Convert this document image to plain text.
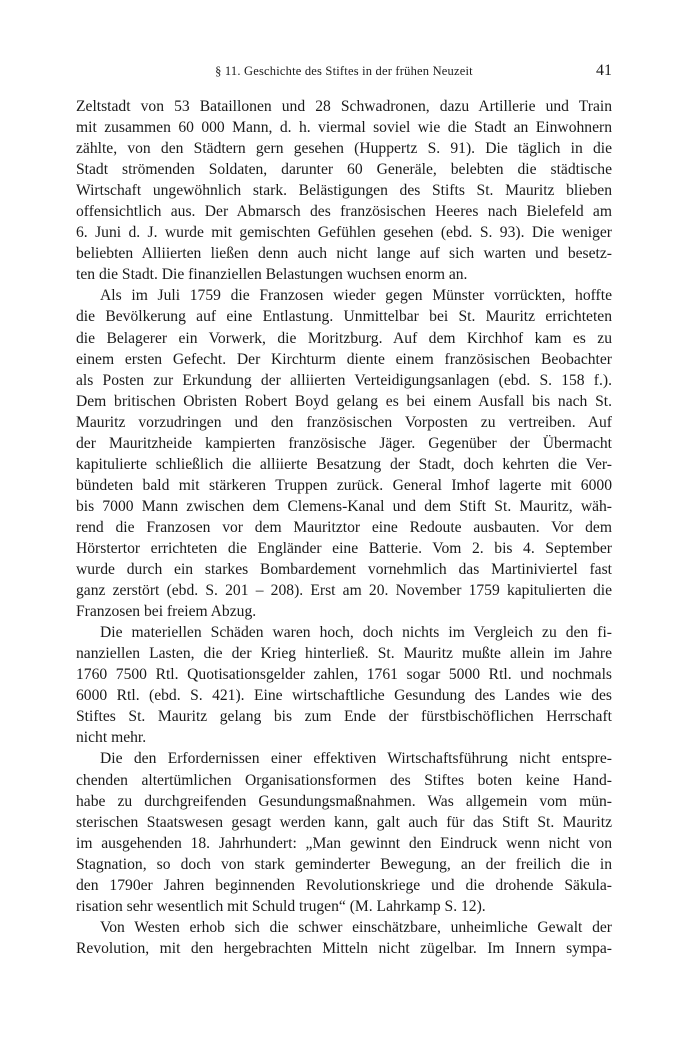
§ 11. Geschichte des Stiftes in der frühen Neuzeit	41
Zeltstadt von 53 Bataillonen und 28 Schwadronen, dazu Artillerie und Train
mit zusammen 60 000 Mann, d. h. viermal soviel wie die Stadt an Einwohnern
zählte, von den Städtern gern gesehen (Huppertz S. 91). Die täglich in die
Stadt strömenden Soldaten, darunter 60 Generäle, belebten die städtische
Wirtschaft ungewöhnlich stark. Belästigungen des Stifts St. Mauritz blieben
offensichtlich aus. Der Abmarsch des französischen Heeres nach Bielefeld am
6. Juni d. J. wurde mit gemischten Gefühlen gesehen (ebd. S. 93). Die weniger
beliebten Alliierten ließen denn auch nicht lange auf sich warten und besetz-
ten die Stadt. Die finanziellen Belastungen wuchsen enorm an.
Als im Juli 1759 die Franzosen wieder gegen Münster vorrückten, hoffte
die Bevölkerung auf eine Entlastung. Unmittelbar bei St. Mauritz errichteten
die Belagerer ein Vorwerk, die Moritzburg. Auf dem Kirchhof kam es zu
einem ersten Gefecht. Der Kirchturm diente einem französischen Beobachter
als Posten zur Erkundung der alliierten Verteidigungsanlagen (ebd. S. 158 f.).
Dem britischen Obristen Robert Boyd gelang es bei einem Ausfall bis nach St.
Mauritz vorzudringen und den französischen Vorposten zu vertreiben. Auf
der Mauritzheide kampierten französische Jäger. Gegenüber der Übermacht
kapitulierte schließlich die alliierte Besatzung der Stadt, doch kehrten die Ver-
bündeten bald mit stärkeren Truppen zurück. General Imhof lagerte mit 6000
bis 7000 Mann zwischen dem Clemens-Kanal und dem Stift St. Mauritz, wäh-
rend die Franzosen vor dem Mauritztor eine Redoute ausbauten. Vor dem
Hörstertor errichteten die Engländer eine Batterie. Vom 2. bis 4. September
wurde durch ein starkes Bombardement vornehmlich das Martiniviertel fast
ganz zerstört (ebd. S. 201 – 208). Erst am 20. November 1759 kapitulierten die
Franzosen bei freiem Abzug.
Die materiellen Schäden waren hoch, doch nichts im Vergleich zu den fi-
nanziellen Lasten, die der Krieg hinterließ. St. Mauritz mußte allein im Jahre
1760 7500 Rtl. Quotisationsgelder zahlen, 1761 sogar 5000 Rtl. und nochmals
6000 Rtl. (ebd. S. 421). Eine wirtschaftliche Gesundung des Landes wie des
Stiftes St. Mauritz gelang bis zum Ende der fürstbischöflichen Herrschaft
nicht mehr.
Die den Erfordernissen einer effektiven Wirtschaftsführung nicht entspre-
chenden altertümlichen Organisationsformen des Stiftes boten keine Hand-
habe zu durchgreifenden Gesundungsmaßnahmen. Was allgemein vom mün-
sterischen Staatswesen gesagt werden kann, galt auch für das Stift St. Mauritz
im ausgehenden 18. Jahrhundert: „Man gewinnt den Eindruck wenn nicht von
Stagnation, so doch von stark geminderter Bewegung, an der freilich die in
den 1790er Jahren beginnenden Revolutionskriege und die drohende Säkula-
risation sehr wesentlich mit Schuld trugen“ (M. Lahrkamp S. 12).
Von Westen erhob sich die schwer einschätzbare, unheimliche Gewalt der
Revolution, mit den hergebrachten Mitteln nicht zügelbar. Im Innern sympa-
